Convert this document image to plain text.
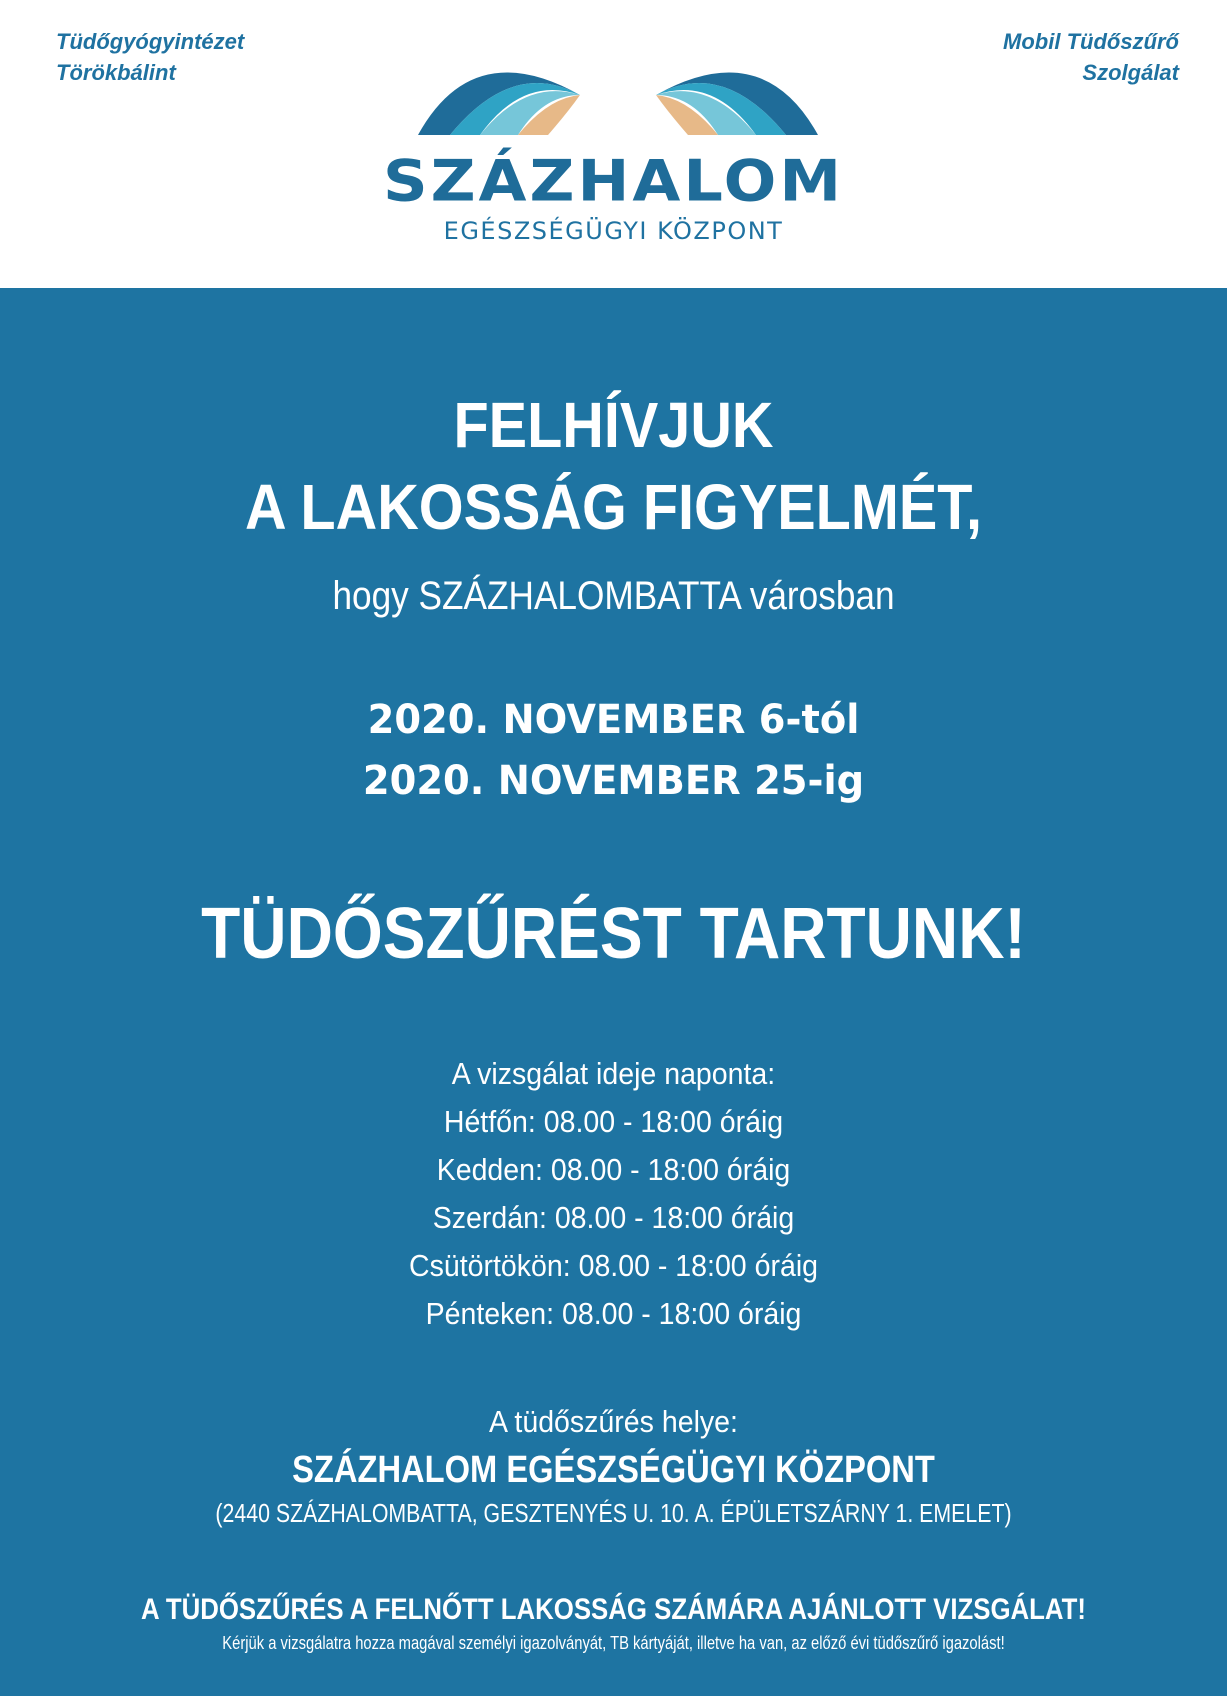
Tüdőgyógyintézet
Törökbálint
Mobil Tüdőszűrő
Szolgálat
SZÁZHALOM
EGÉSZSÉGÜGYI KÖZPONT
FELHÍVJUK
A LAKOSSÁG FIGYELMÉT,
hogy SZÁZHALOMBATTA városban
2020. NOVEMBER 6-tól
2020. NOVEMBER 25-ig
TÜDŐSZŰRÉST TARTUNK!
A vizsgálat ideje naponta:
Hétfőn: 08.00 - 18:00 óráig
Kedden: 08.00 - 18:00 óráig
Szerdán: 08.00 - 18:00 óráig
Csütörtökön: 08.00 - 18:00 óráig
Pénteken: 08.00 - 18:00 óráig
A tüdőszűrés helye:
SZÁZHALOM EGÉSZSÉGÜGYI KÖZPONT
(2440 SZÁZHALOMBATTA, GESZTENYÉS U. 10. A. ÉPÜLETSZÁRNY 1. EMELET)
A TÜDŐSZŰRÉS A FELNŐTT LAKOSSÁG SZÁMÁRA AJÁNLOTT VIZSGÁLAT!
Kérjük a vizsgálatra hozza magával személyi igazolványát, TB kártyáját, illetve ha van, az előző évi tüdőszűrő igazolást!
